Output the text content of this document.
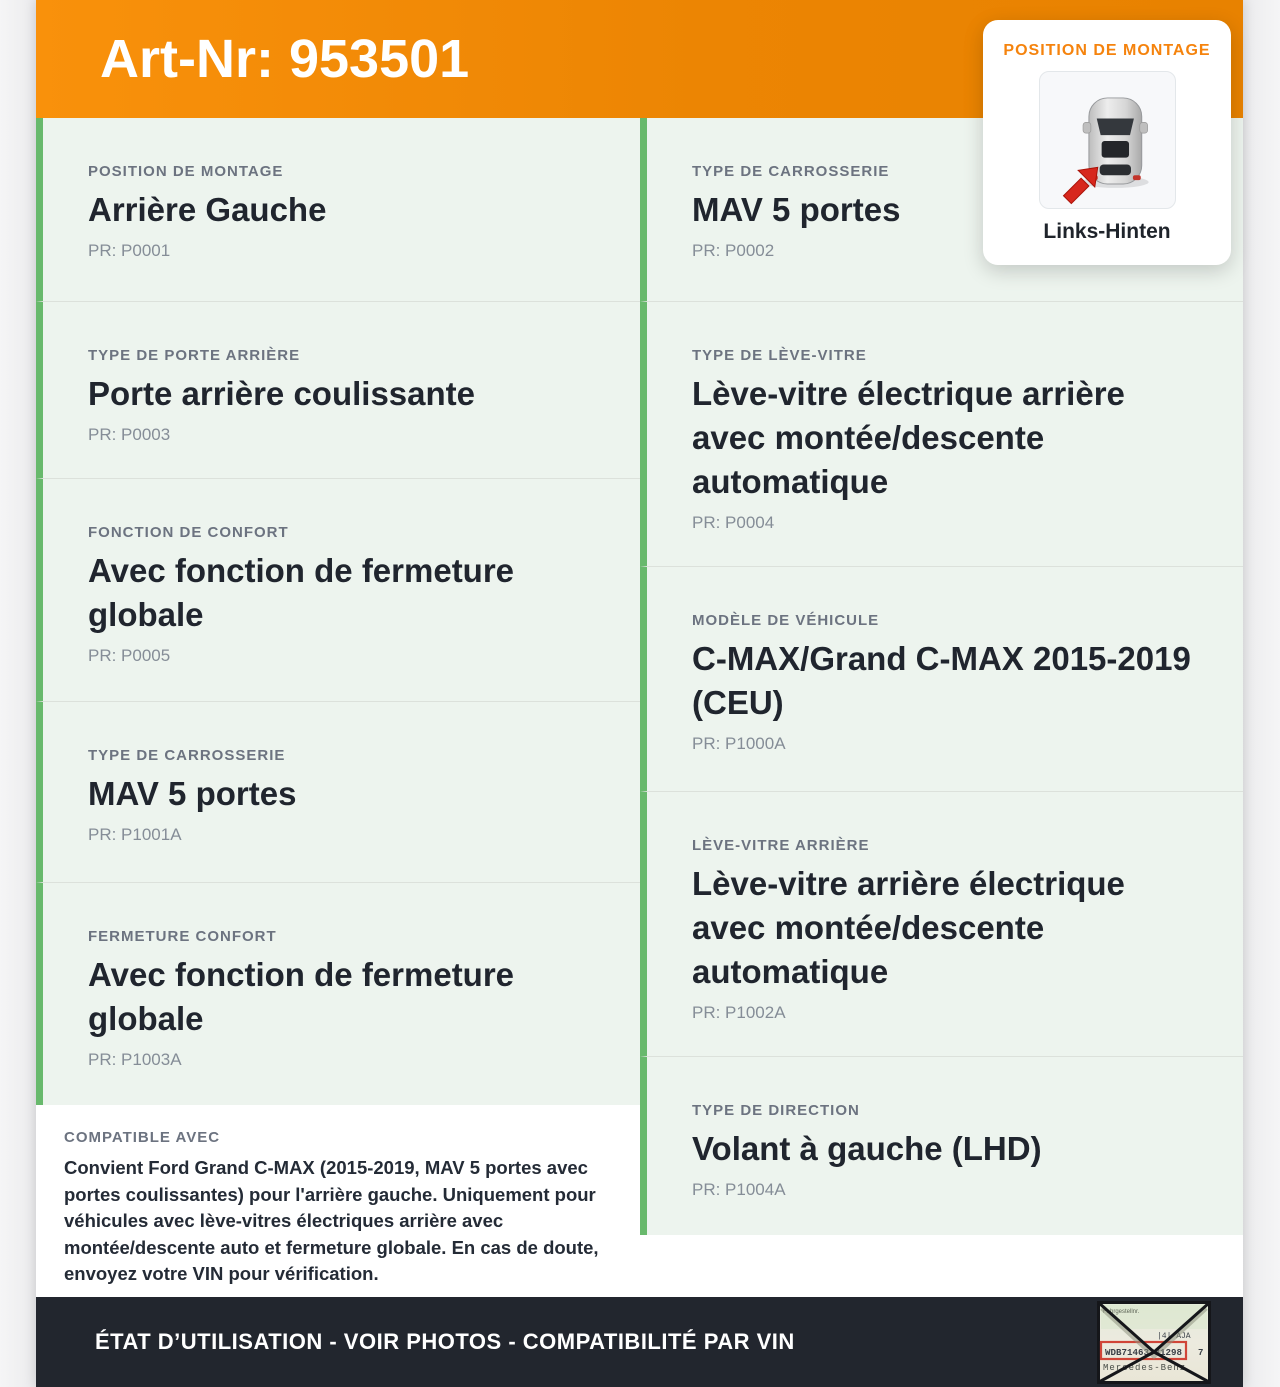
Art-Nr: 953501

POSITION DE MONTAGE

Arrière Gauche

PR: P0001

TYPE DE PORTE ARRIÈRE

Porte arrière coulissante

PR: P0003

FONCTION DE CONFORT

Avec fonction de fermeture globale

PR: P0005

TYPE DE CARROSSERIE

MAV 5 portes

PR: P1001A

FERMETURE CONFORT

Avec fonction de fermeture globale

PR: P1003A

COMPATIBLE AVEC

Convient Ford Grand C-MAX (2015-2019, MAV 5 portes avec portes coulissantes) pour l'arrière gauche. Uniquement pour véhicules avec lève-vitres électriques arrière avec montée/descente auto et fermeture globale. En cas de doute, envoyez votre VIN pour vérification.

TYPE DE CARROSSERIE

MAV 5 portes

PR: P0002

TYPE DE LÈVE-VITRE

Lève-vitre électrique arrière avec montée/descente automatique

PR: P0004

MODÈLE DE VÉHICULE

C-MAX/Grand C-MAX 2015-2019 (CEU)

PR: P1000A

LÈVE-VITRE ARRIÈRE

Lève-vitre arrière électrique avec montée/descente automatique

PR: P1002A

TYPE DE DIRECTION

Volant à gauche (LHD)

PR: P1004A

ÉTAT D’UTILISATION - VOIR PHOTOS - COMPATIBILITÉ PAR VIN
Fahrgestellnr.
|4| AJA
WDB71463J31298 7
Mercedes-Benz

POSITION DE MONTAGE

Links-Hinten
